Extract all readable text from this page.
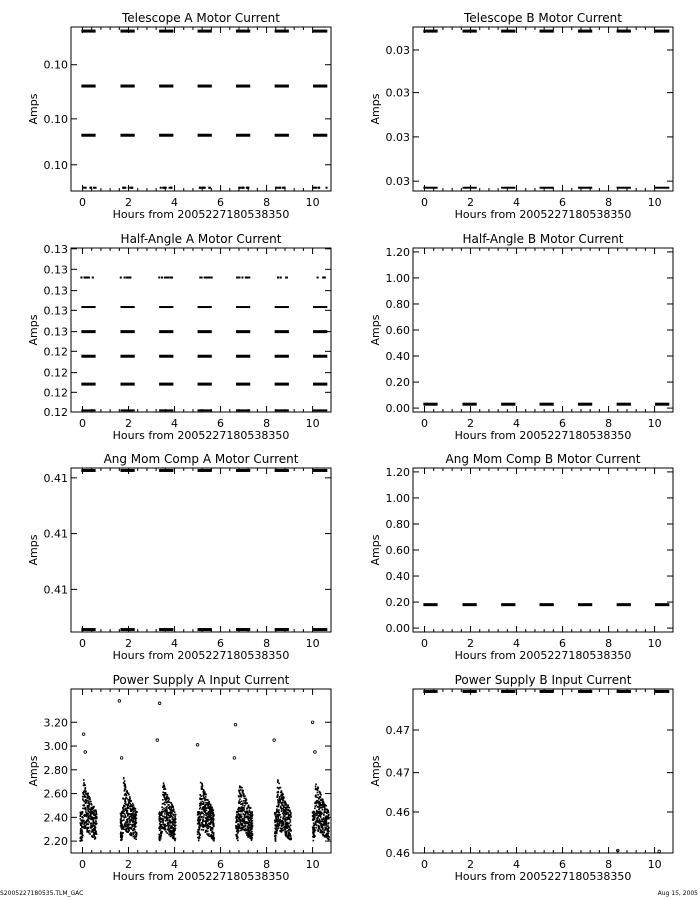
Telescope A Motor Current
0	2	4	6	8	10
0.10
0.10
0.10
Hours from 2005227180538350
Amps
Telescope B Motor Current
0	2	4	6	8	10
0.03
0.03
0.03
0.03
Hours from 2005227180538350
Amps
Half-Angle A Motor Current
0	2	4	6	8	10
0.13
0.13
0.13
0.13
0.13
0.12
0.12
0.12
0.12
Hours from 2005227180538350
Amps
Half-Angle B Motor Current
0	2	4	6	8	10
0.00
0.20
0.40
0.60
0.80
1.00
1.20
Hours from 2005227180538350
Amps
Ang Mom Comp A Motor Current
0	2	4	6	8	10
0.41
0.41
0.41
Hours from 2005227180538350
Amps
Ang Mom Comp B Motor Current
0	2	4	6	8	10
0.00
0.20
0.40
0.60
0.80
1.00
1.20
Hours from 2005227180538350
Amps
Power Supply A Input Current
0	2	4	6	8	10
2.20
2.40
2.60
2.80
3.00
3.20
Hours from 2005227180538350
Amps
Power Supply B Input Current
0	2	4	6	8	10
0.47
0.47
0.46
0.46
Hours from 2005227180538350
Amps
S2005227180535.TLM_GAC	Aug 15, 2005
